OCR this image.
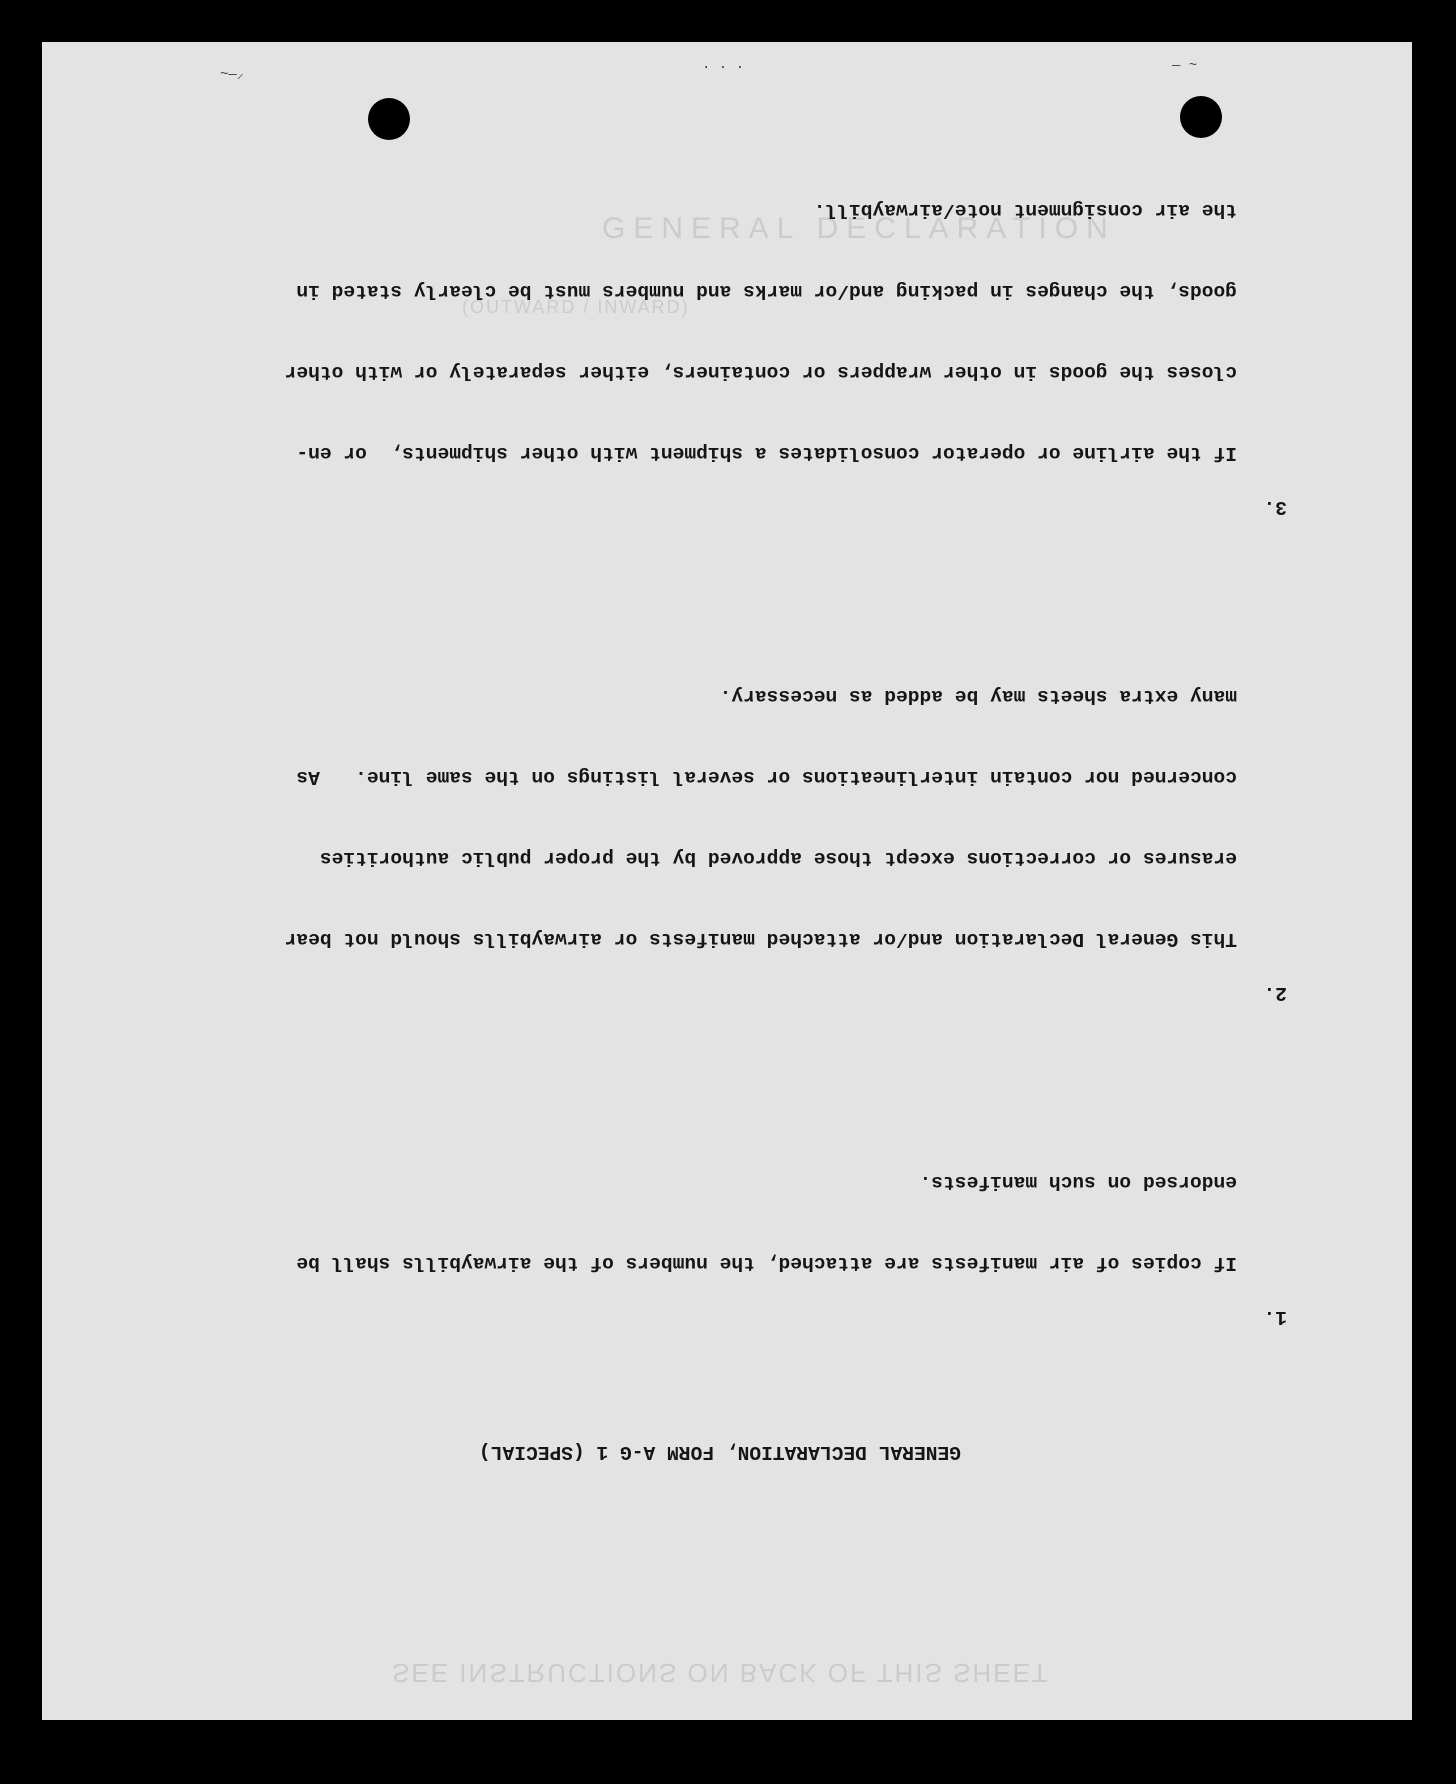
SEE INSTRUCTIONS ON BACK OF THIS SHEET
GENERAL DECLARATION
(OUTWARD / INWARD)
~—⸝	· · ·	— ~

GENERAL DECLARATION, FORM A-G 1 (SPECIAL)

1.

If copies of air manifests are attached, the numbers of the airwaybills shall be

endorsed on such manifests.

2.

This General Declaration and/or attached manifests or airwaybills should not bear

erasures or corrections except those approved by the proper public authorities

concerned nor contain interlineations or several listings on the same line.   As

many extra sheets may be added as necessary.

3.

If the airline or operator consolidates a shipment with other shipments,  or en-

closes the goods in other wrappers or containers, either separately or with other

goods, the changes in packing and/or marks and numbers must be clearly stated in

the air consignment note/airwaybill.
